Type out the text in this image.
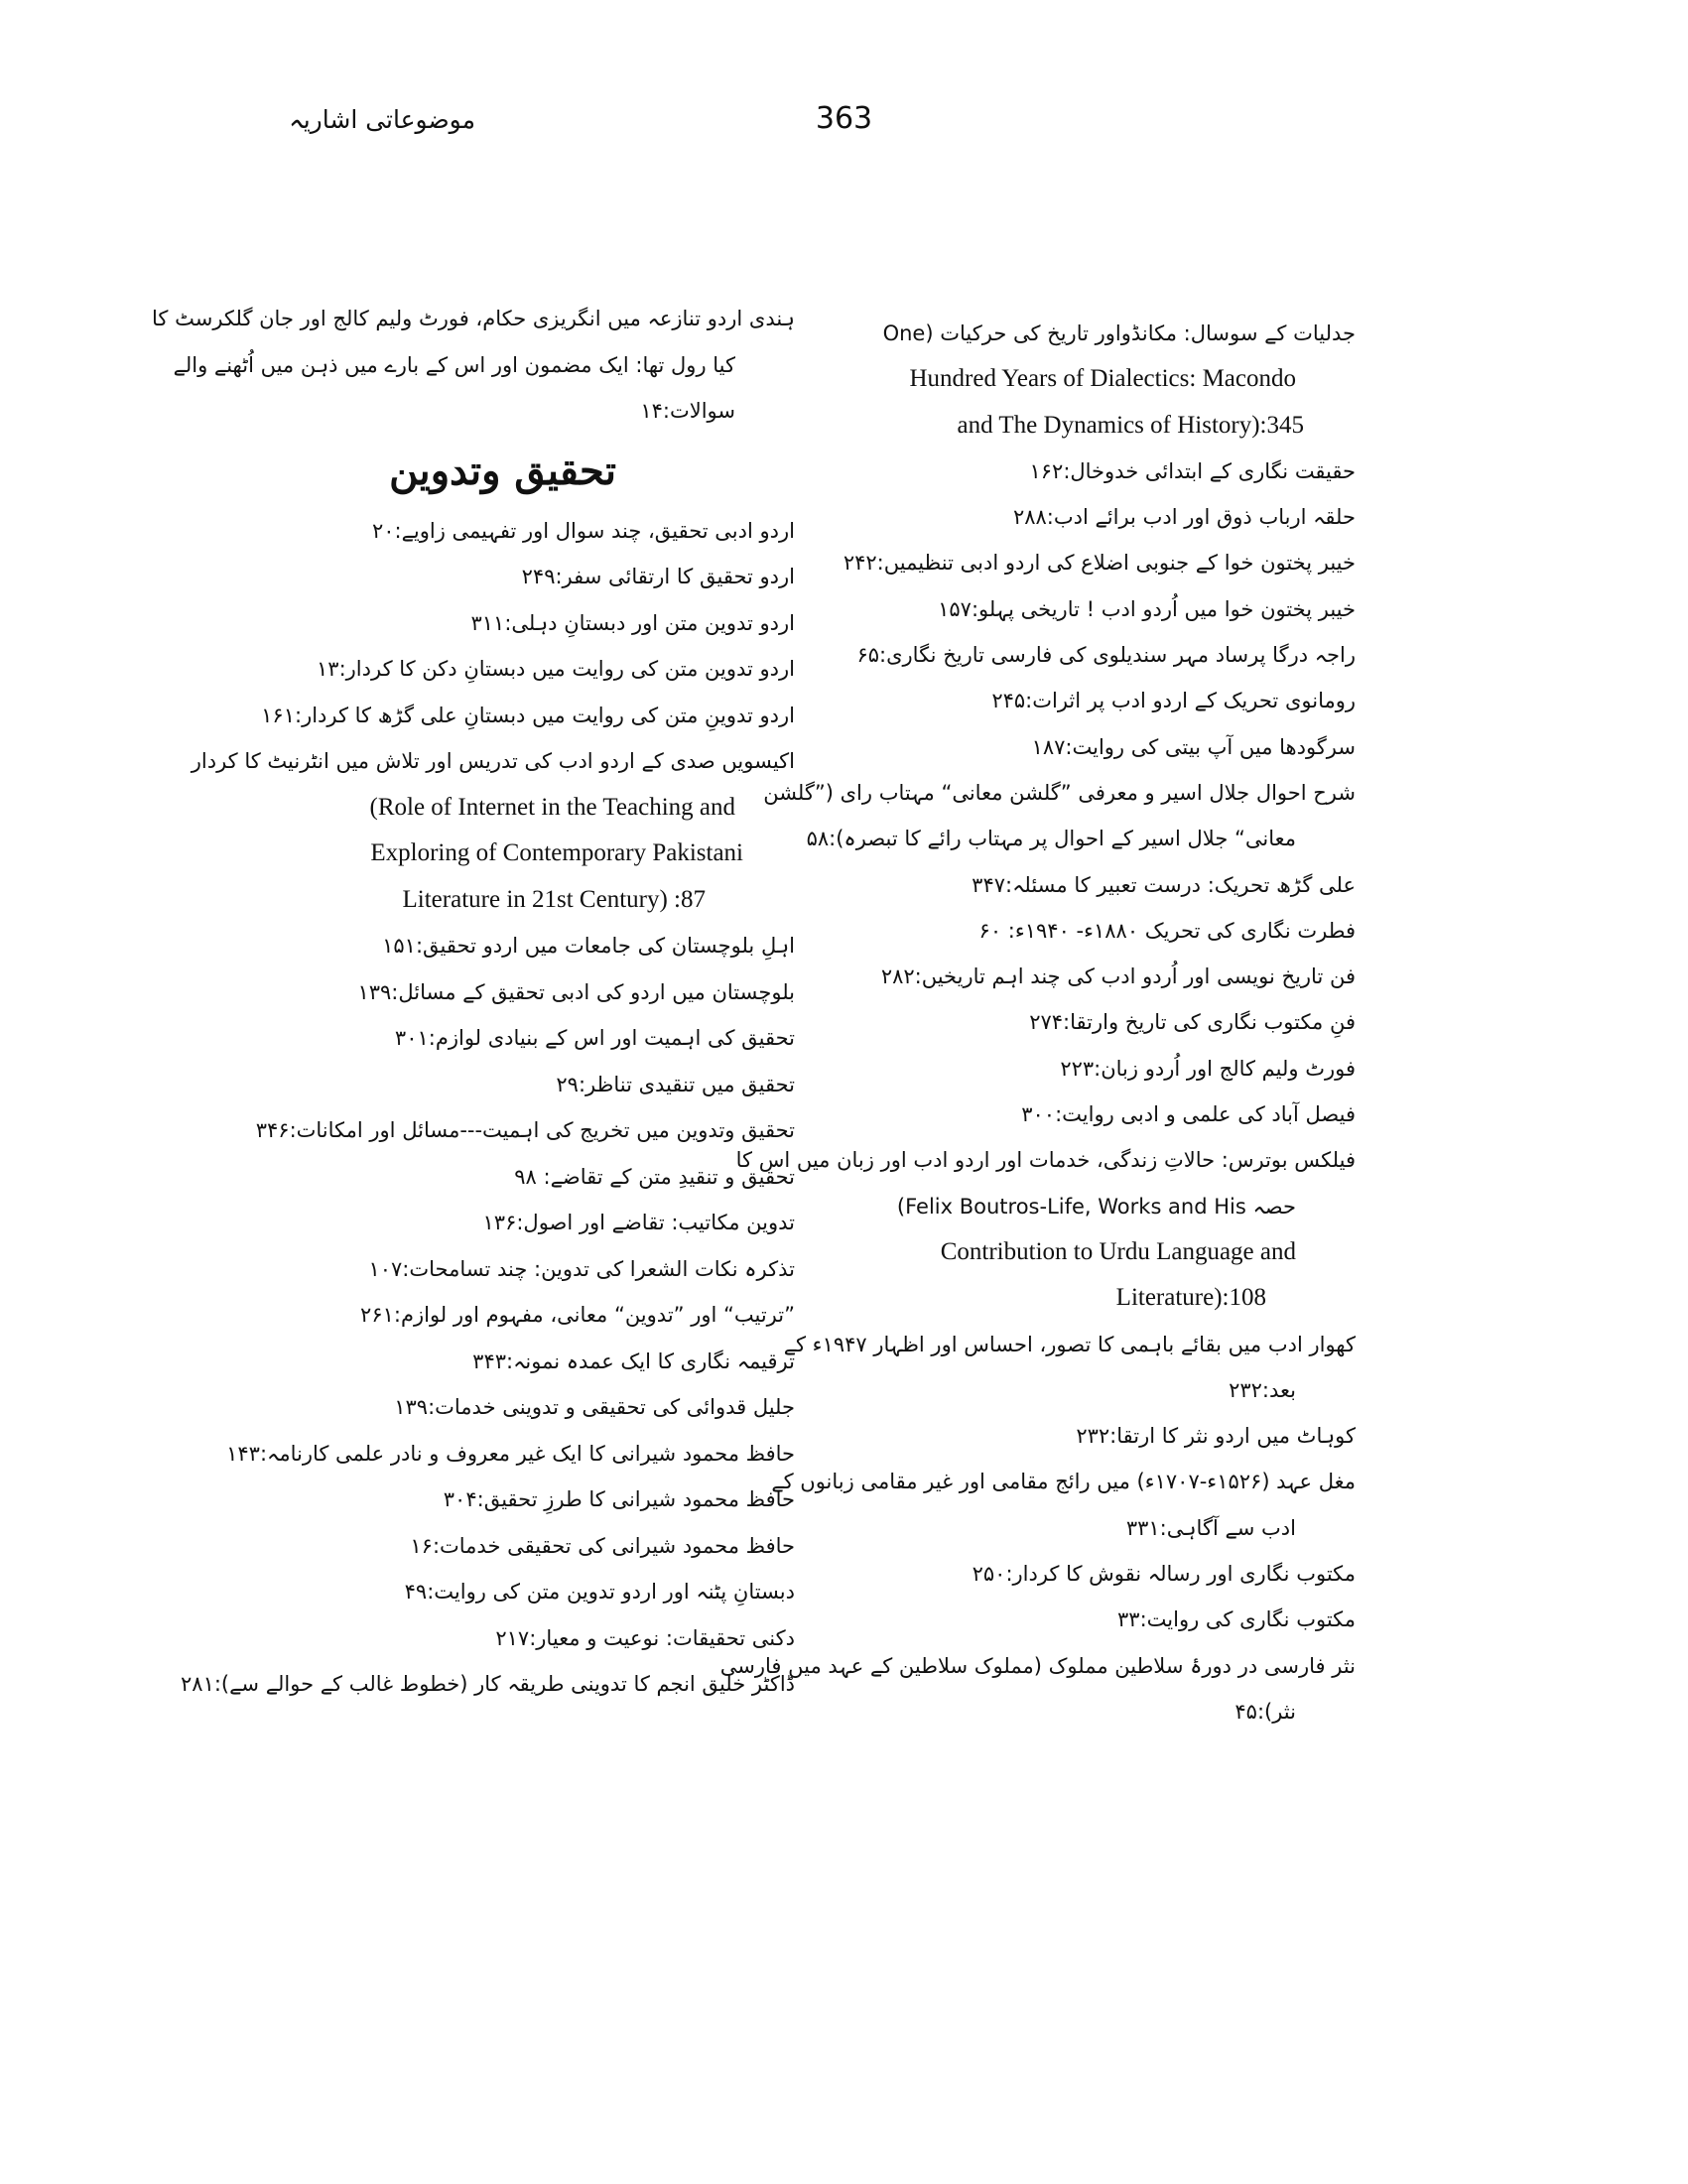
363
موضوعاتی اشاریہ
جدلیات کے سوسال: مکانڈواور تاریخ کی حرکیات (One
Hundred Years of Dialectics: Macondo
and The Dynamics of History):345
حقیقت نگاری کے ابتدائی خدوخال:۱۶۲
حلقہ ارباب ذوق اور ادب برائے ادب:۲۸۸
خیبر پختون خوا کے جنوبی اضلاع کی اردو ادبی تنظیمیں:۲۴۲
خیبر پختون خوا میں اُردو ادب ! تاریخی پہلو:۱۵۷
راجہ درگا پرساد مہر سندیلوی کی فارسی تاریخ نگاری:۶۵
رومانوی تحریک کے اردو ادب پر اثرات:۲۴۵
سرگودھا میں آپ بیتی کی روایت:۱۸۷
شرح احوال جلال اسیر و معرفی ”گلشن معانی“ مہتاب رای (”گلشن
معانی“ جلال اسیر کے احوال پر مہتاب رائے کا تبصرہ):۵۸
علی گڑھ تحریک: درست تعبیر کا مسئلہ:۳۴۷
فطرت نگاری کی تحریک ۱۸۸۰ء- ۱۹۴۰ء: ۶۰
فن تاریخ نویسی اور اُردو ادب کی چند اہم تاریخیں:۲۸۲
فنِ مکتوب نگاری کی تاریخ وارتقا:۲۷۴
فورٹ ولیم کالج اور اُردو زبان:۲۲۳
فیصل آباد کی علمی و ادبی روایت:۳۰۰
فیلکس بوترس: حالاتِ زندگی، خدمات اور اردو ادب اور زبان میں اس کا
حصہ Felix Boutros-Life, Works and His)
Contribution to Urdu Language and
Literature):108
کھوار ادب میں بقائے باہمی کا تصور، احساس اور اظہار ۱۹۴۷ء کے
بعد:۲۳۲
کوہاٹ میں اردو نثر کا ارتقا:۲۳۲
مغل عہد (۱۵۲۶ء-۱۷۰۷ء) میں رائج مقامی اور غیر مقامی زبانوں کے
ادب سے آگاہی:۳۳۱
مکتوب نگاری اور رسالہ نقوش کا کردار:۲۵۰
مکتوب نگاری کی روایت:۳۳
نثر فارسی در دورۂ سلاطین مملوک (مملوک سلاطین کے عہد میں فارسی
نثر):۴۵
ہندی اردو تنازعہ میں انگریزی حکام، فورٹ ولیم کالج اور جان گلکرسٹ کا
کیا رول تھا: ایک مضمون اور اس کے بارے میں ذہن میں اُٹھنے والے
سوالات:۱۴
تحقیق وتدوین
اردو ادبی تحقیق، چند سوال اور تفہیمی زاویے:۲۰
اردو تحقیق کا ارتقائی سفر:۲۴۹
اردو تدوین متن اور دبستانِ دہلی:۳۱۱
اردو تدوین متن کی روایت میں دبستانِ دکن کا کردار:۱۳
اردو تدوینِ متن کی روایت میں دبستانِ علی گڑھ کا کردار:۱۶۱
اکیسویں صدی کے اردو ادب کی تدریس اور تلاش میں انٹرنیٹ کا کردار
(Role of Internet in the Teaching and
Exploring of Contemporary Pakistani
Literature in 21st Century) :87
اہلِ بلوچستان کی جامعات میں اردو تحقیق:۱۵۱
بلوچستان میں اردو کی ادبی تحقیق کے مسائل:۱۳۹
تحقیق کی اہمیت اور اس کے بنیادی لوازم:۳۰۱
تحقیق میں تنقیدی تناظر:۲۹
تحقیق وتدوین میں تخریج کی اہمیت---مسائل اور امکانات:۳۴۶
تحقیق و تنقیدِ متن کے تقاضے: ۹۸
تدوین مکاتیب: تقاضے اور اصول:۱۳۶
تذکرہ نکات الشعرا کی تدوین: چند تسامحات:۱۰۷
”ترتیب“ اور ”تدوین“ معانی، مفہوم اور لوازم:۲۶۱
ترقیمہ نگاری کا ایک عمدہ نمونہ:۳۴۳
جلیل قدوائی کی تحقیقی و تدوینی خدمات:۱۳۹
حافظ محمود شیرانی کا ایک غیر معروف و نادر علمی کارنامہ:۱۴۳
حافظ محمود شیرانی کا طرزِ تحقیق:۳۰۴
حافظ محمود شیرانی کی تحقیقی خدمات:۱۶
دبستانِ پٹنہ اور اردو تدوین متن کی روایت:۴۹
دکنی تحقیقات: نوعیت و معیار:۲۱۷
ڈاکٹر خلیق انجم کا تدوینی طریقہ کار (خطوط غالب کے حوالے سے):۲۸۱
